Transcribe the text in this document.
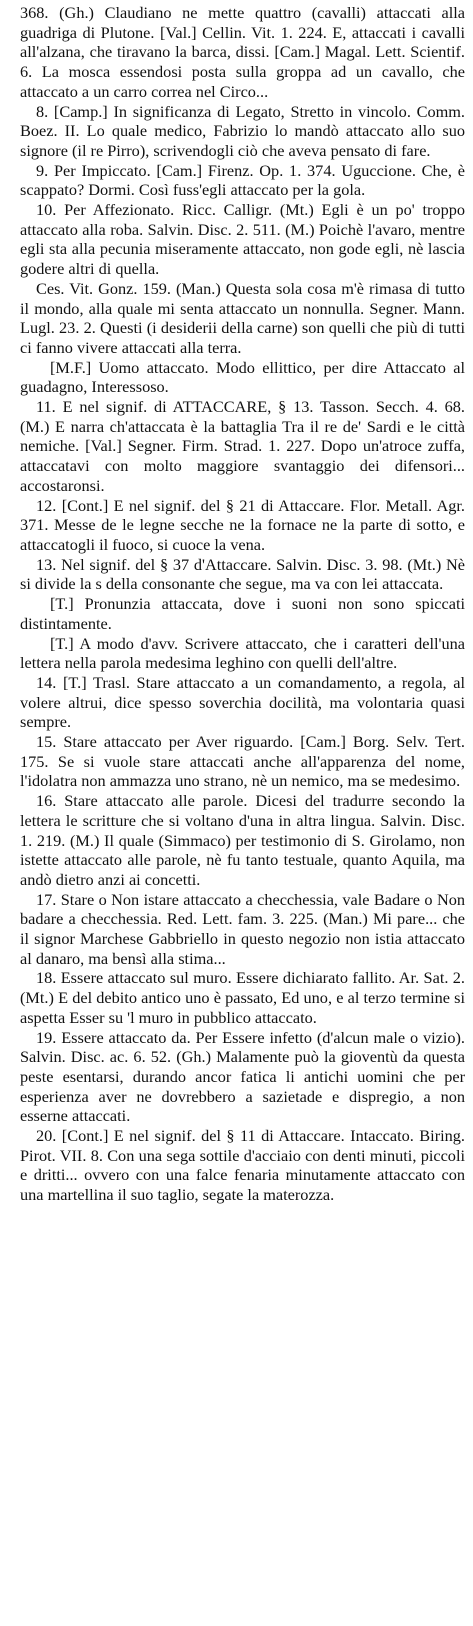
368. (Gh.) Claudiano ne mette quattro (cavalli) attaccati alla guadriga di Plutone. [Val.] Cellin. Vit. 1. 224. E, attaccati i cavalli all'alzana, che tiravano la barca, dissi. [Cam.] Magal. Lett. Scientif. 6. La mosca essendosi posta sulla groppa ad un cavallo, che attaccato a un carro correa nel Circo...

8. [Camp.] In significanza di Legato, Stretto in vincolo. Comm. Boez. II. Lo quale medico, Fabrizio lo mandò attaccato allo suo signore (il re Pirro), scrivendogli ciò che aveva pensato di fare.

9. Per Impiccato. [Cam.] Firenz. Op. 1. 374. Uguccione. Che, è scappato? Dormi. Così fuss'egli attaccato per la gola.

10. Per Affezionato. Ricc. Calligr. (Mt.) Egli è un po' troppo attaccato alla roba. Salvin. Disc. 2. 511. (M.) Poichè l'avaro, mentre egli sta alla pecunia miseramente attaccato, non gode egli, nè lascia godere altri di quella.

Ces. Vit. Gonz. 159. (Man.) Questa sola cosa m'è rimasa di tutto il mondo, alla quale mi senta attaccato un nonnulla. Segner. Mann. Lugl. 23. 2. Questi (i desiderii della carne) son quelli che più di tutti ci fanno vivere attaccati alla terra.

[M.F.] Uomo attaccato. Modo ellittico, per dire Attaccato al guadagno, Interessoso.

11. E nel signif. di ATTACCARE, § 13. Tasson. Secch. 4. 68. (M.) E narra ch'attaccata è la battaglia Tra il re de' Sardi e le città nemiche. [Val.] Segner. Firm. Strad. 1. 227. Dopo un'atroce zuffa, attaccatavi con molto maggiore svantaggio dei difensori... accostaronsi.

12. [Cont.] E nel signif. del § 21 di Attaccare. Flor. Metall. Agr. 371. Messe de le legne secche ne la fornace ne la parte di sotto, e attaccatogli il fuoco, si cuoce la vena.

13. Nel signif. del § 37 d'Attaccare. Salvin. Disc. 3. 98. (Mt.) Nè si divide la s della consonante che segue, ma va con lei attaccata.

[T.] Pronunzia attaccata, dove i suoni non sono spiccati distintamente.

[T.] A modo d'avv. Scrivere attaccato, che i caratteri dell'una lettera nella parola medesima leghino con quelli dell'altre.

14. [T.] Trasl. Stare attaccato a un comandamento, a regola, al volere altrui, dice spesso soverchia docilità, ma volontaria quasi sempre.

15. Stare attaccato per Aver riguardo. [Cam.] Borg. Selv. Tert. 175. Se si vuole stare attaccati anche all'apparenza del nome, l'idolatra non ammazza uno strano, nè un nemico, ma se medesimo.

16. Stare attaccato alle parole. Dicesi del tradurre secondo la lettera le scritture che si voltano d'una in altra lingua. Salvin. Disc. 1. 219. (M.) Il quale (Simmaco) per testimonio di S. Girolamo, non istette attaccato alle parole, nè fu tanto testuale, quanto Aquila, ma andò dietro anzi ai concetti.

17. Stare o Non istare attaccato a checchessia, vale Badare o Non badare a checchessia. Red. Lett. fam. 3. 225. (Man.) Mi pare... che il signor Marchese Gabbriello in questo negozio non istia attaccato al danaro, ma bensì alla stima...

18. Essere attaccato sul muro. Essere dichiarato fallito. Ar. Sat. 2. (Mt.) E del debito antico uno è passato, Ed uno, e al terzo termine si aspetta Esser su 'l muro in pubblico attaccato.

19. Essere attaccato da. Per Essere infetto (d'alcun male o vizio). Salvin. Disc. ac. 6. 52. (Gh.) Malamente può la gioventù da questa peste esentarsi, durando ancor fatica li antichi uomini che per esperienza aver ne dovrebbero a sazietade e dispregio, a non esserne attaccati.

20. [Cont.] E nel signif. del § 11 di Attaccare. Intaccato. Biring. Pirot. VII. 8. Con una sega sottile d'acciaio con denti minuti, piccoli e dritti... ovvero con una falce fenaria minutamente attaccato con una martellina il suo taglio, segate la materozza.
